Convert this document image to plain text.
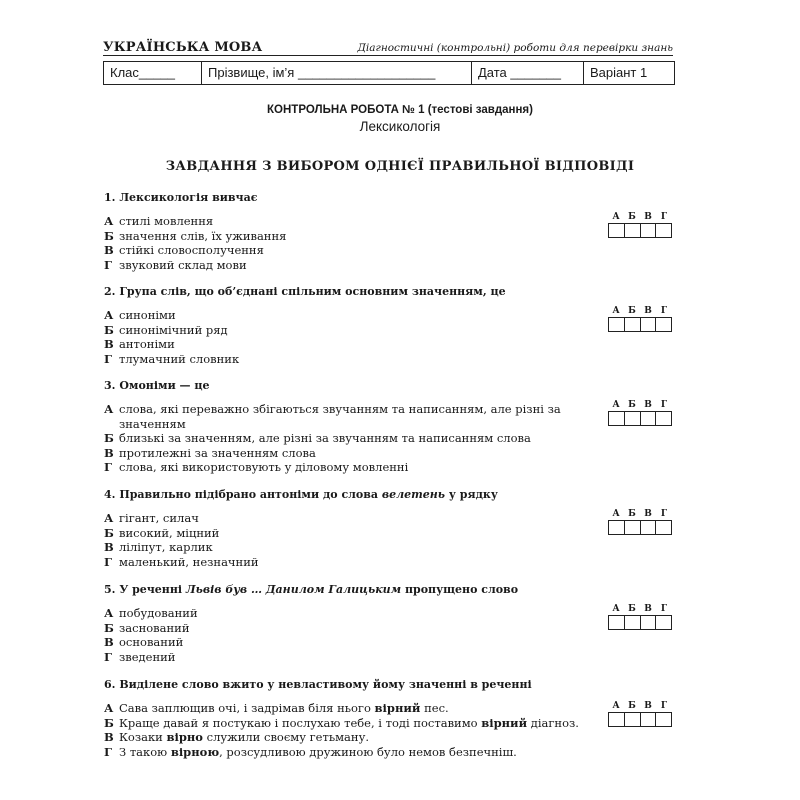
УКРАЇНСЬКА МОВА	Діагностичні (контрольні) роботи для перевірки знань
Клас_____	Прізвище, ім’я ___________________	Дата _______	Варіант 1
КОНТРОЛЬНА РОБОТА № 1 (тестові завдання)
Лексикологія
ЗАВДАННЯ З ВИБОРОМ ОДНІЄЇ ПРАВИЛЬНОЇ ВІДПОВІДІ
1. Лексикологія вивчає
А стилі мовлення
Б значення слів, їх уживання
В стійкі словосполучення
Г звуковий склад мови
А Б В	Г
2. Група слів, що об’єднані спільним основним значенням, це
А синоніми
Б синонімічний ряд
В антоніми
Г тлумачний словник
А Б В	Г
3. Омоніми — це
А слова, які переважно збігаються звучанням та написанням, але різні за значенням
Б близькі за значенням, але різні за звучанням та написанням слова
В протилежні за значенням слова
Г слова, які використовують у діловому мовленні
А Б В	Г
4. Правильно підібрано антоніми до слова велетень у рядку
А гігант, силач
Б високий, міцний
В ліліпут, карлик
Г маленький, незначний
А Б В	Г
5. У реченні Львів був … Данилом Галицьким пропущено слово
А побудований
Б заснований
В оснований
Г зведений
А Б В	Г
6. Виділене слово вжито у невластивому йому значенні в реченні
А Сава заплющив очі, і задрімав біля нього вірний пес.
Б Краще давай я постукаю і послухаю тебе, і тоді поставимо вірний діагноз.
В Козаки вірно служили своєму гетьману.
Г З такою вірною, розсудливою дружиною було немов безпечніш.
А Б В	Г
